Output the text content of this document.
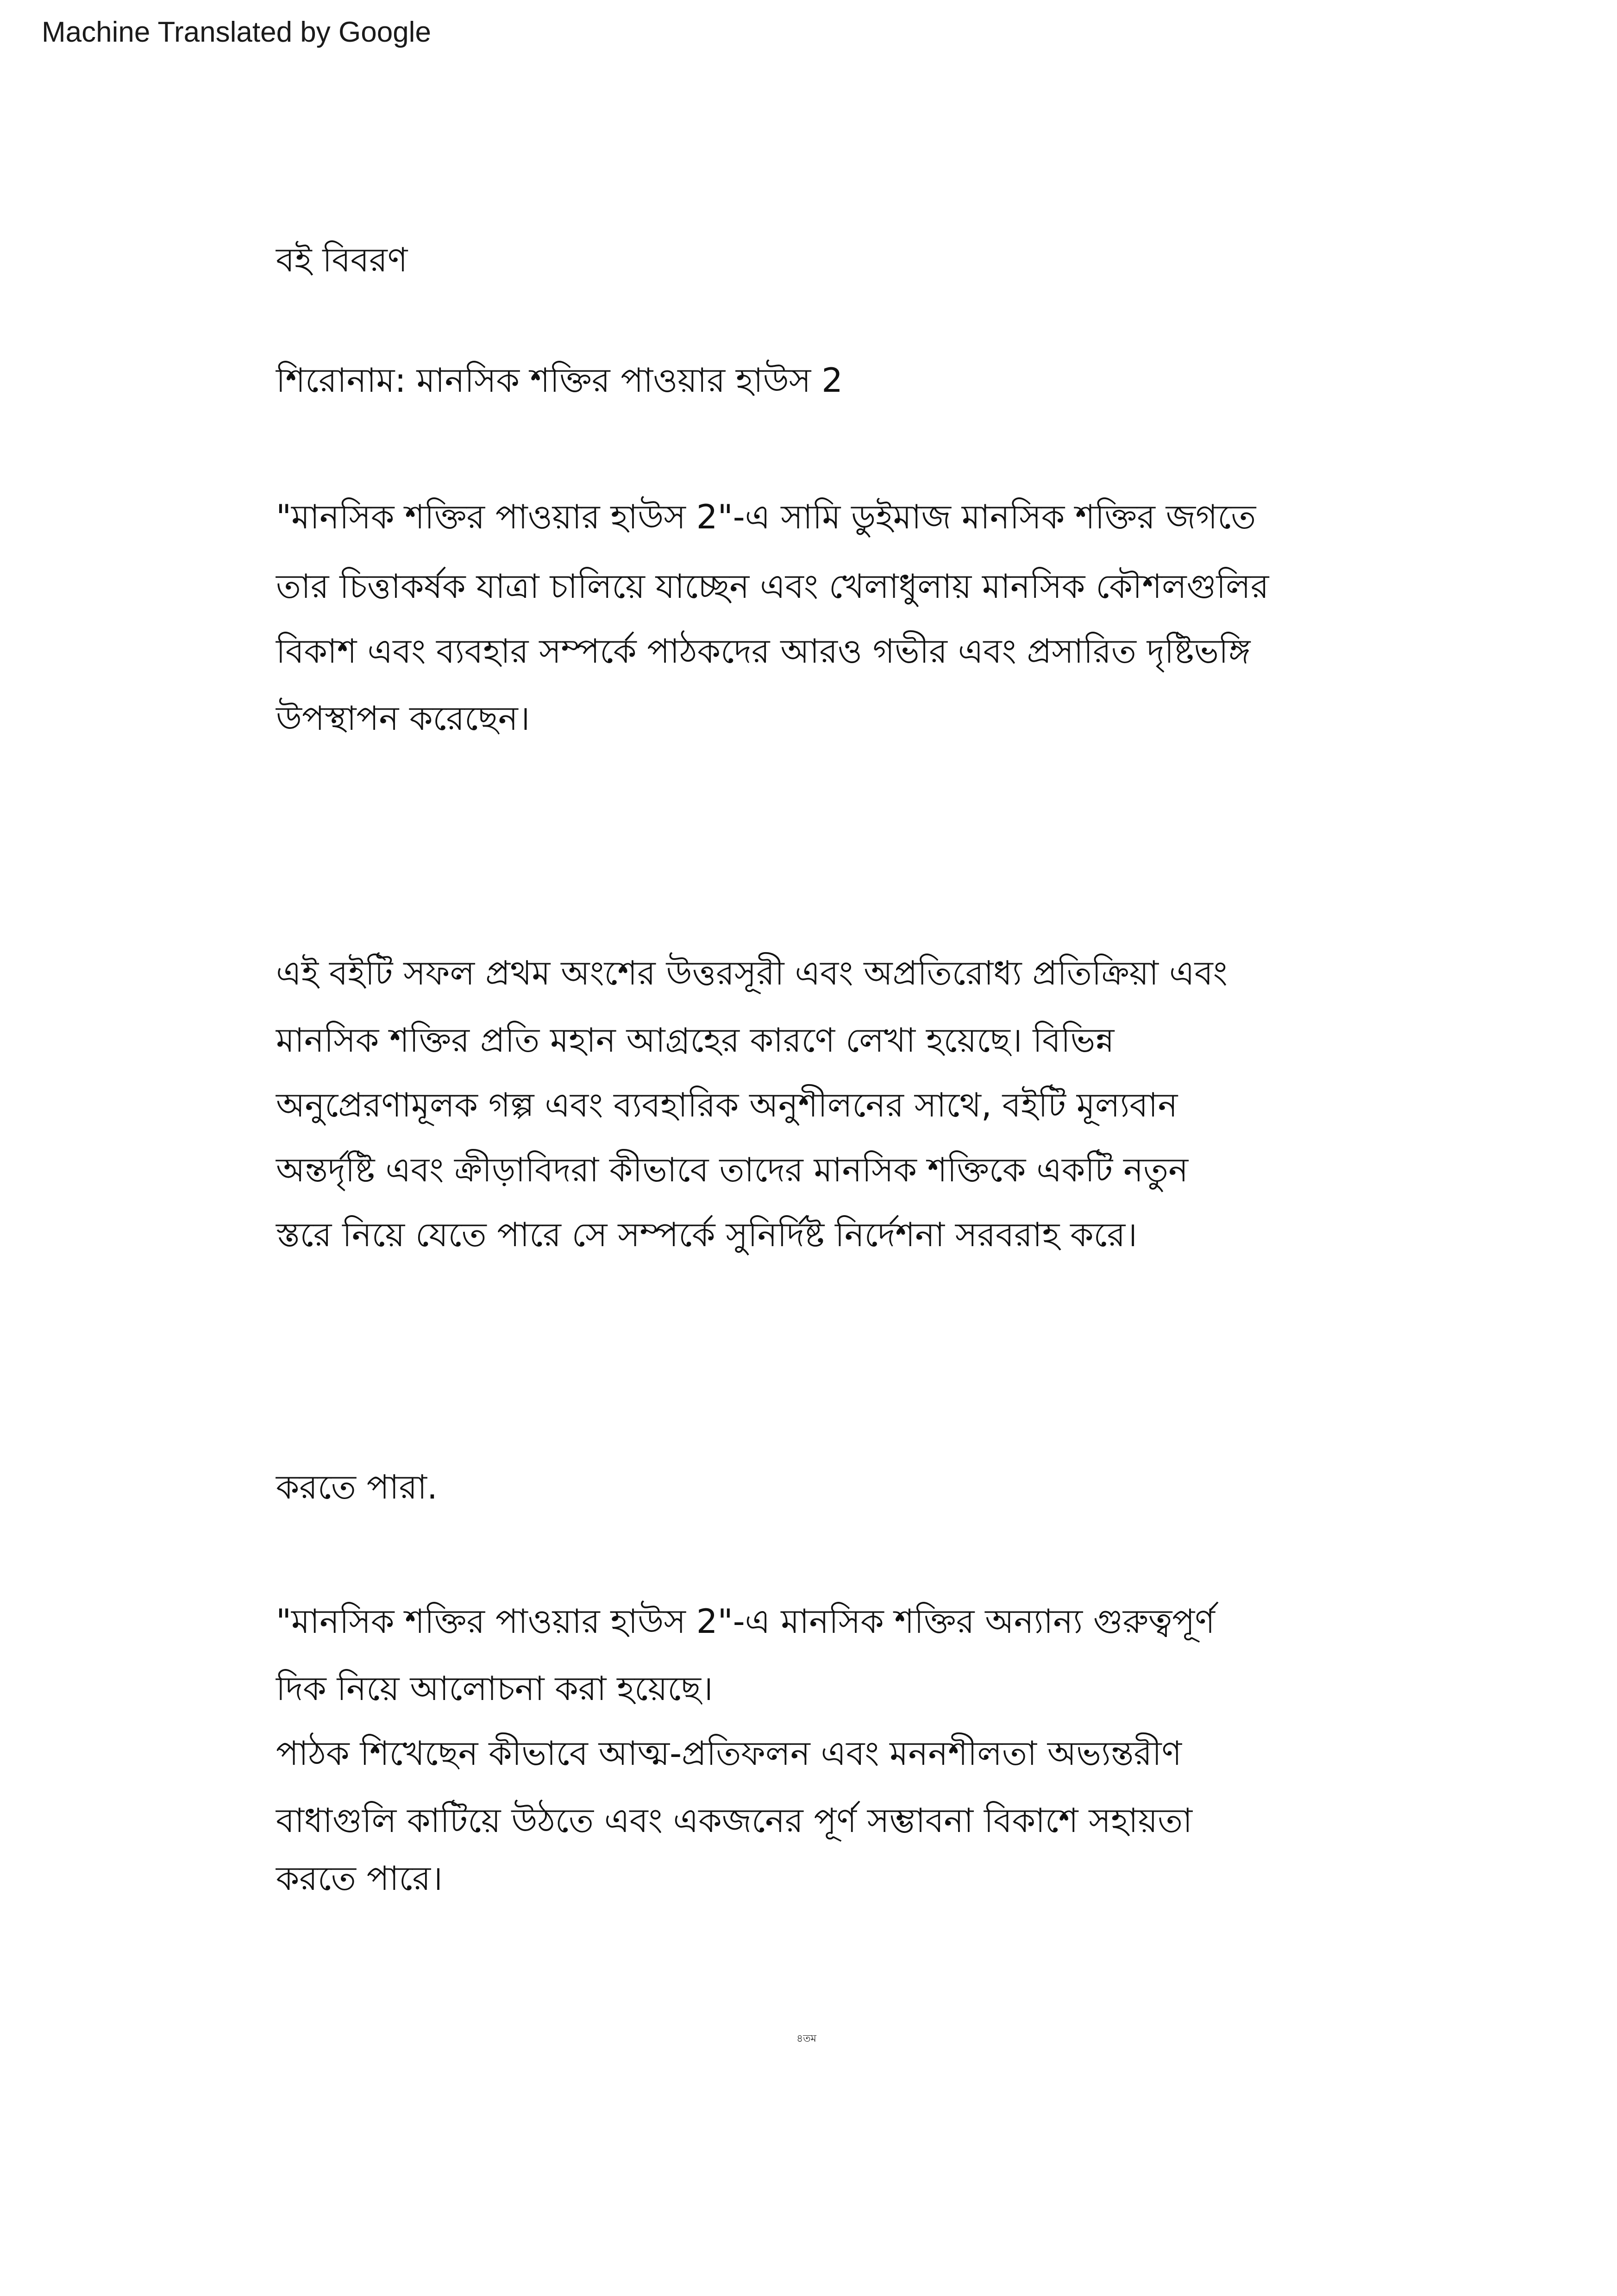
Machine Translated by Google
বই বিবরণ
শিরোনাম: মানসিক শক্তির পাওয়ার হাউস 2
"মানসিক শক্তির পাওয়ার হাউস 2"-এ সামি ডুইমাজ মানসিক শক্তির জগতে
তার চিত্তাকর্ষক যাত্রা চালিয়ে যাচ্ছেন এবং খেলাধুলায় মানসিক কৌশলগুলির
বিকাশ এবং ব্যবহার সম্পর্কে পাঠকদের আরও গভীর এবং প্রসারিত দৃষ্টিভঙ্গি
উপস্থাপন করেছেন।
এই বইটি সফল প্রথম অংশের উত্তরসূরী এবং অপ্রতিরোধ্য প্রতিক্রিয়া এবং
মানসিক শক্তির প্রতি মহান আগ্রহের কারণে লেখা হয়েছে। বিভিন্ন
অনুপ্রেরণামূলক গল্প এবং ব্যবহারিক অনুশীলনের সাথে, বইটি মূল্যবান
অন্তর্দৃষ্টি এবং ক্রীড়াবিদরা কীভাবে তাদের মানসিক শক্তিকে একটি নতুন
স্তরে নিয়ে যেতে পারে সে সম্পর্কে সুনির্দিষ্ট নির্দেশনা সরবরাহ করে।
করতে পারা.
"মানসিক শক্তির পাওয়ার হাউস 2"-এ মানসিক শক্তির অন্যান্য গুরুত্বপূর্ণ
দিক নিয়ে আলোচনা করা হয়েছে।
পাঠক শিখেছেন কীভাবে আত্ম-প্রতিফলন এবং মননশীলতা অভ্যন্তরীণ
বাধাগুলি কাটিয়ে উঠতে এবং একজনের পূর্ণ সম্ভাবনা বিকাশে সহায়তা
করতে পারে।
৪তম
